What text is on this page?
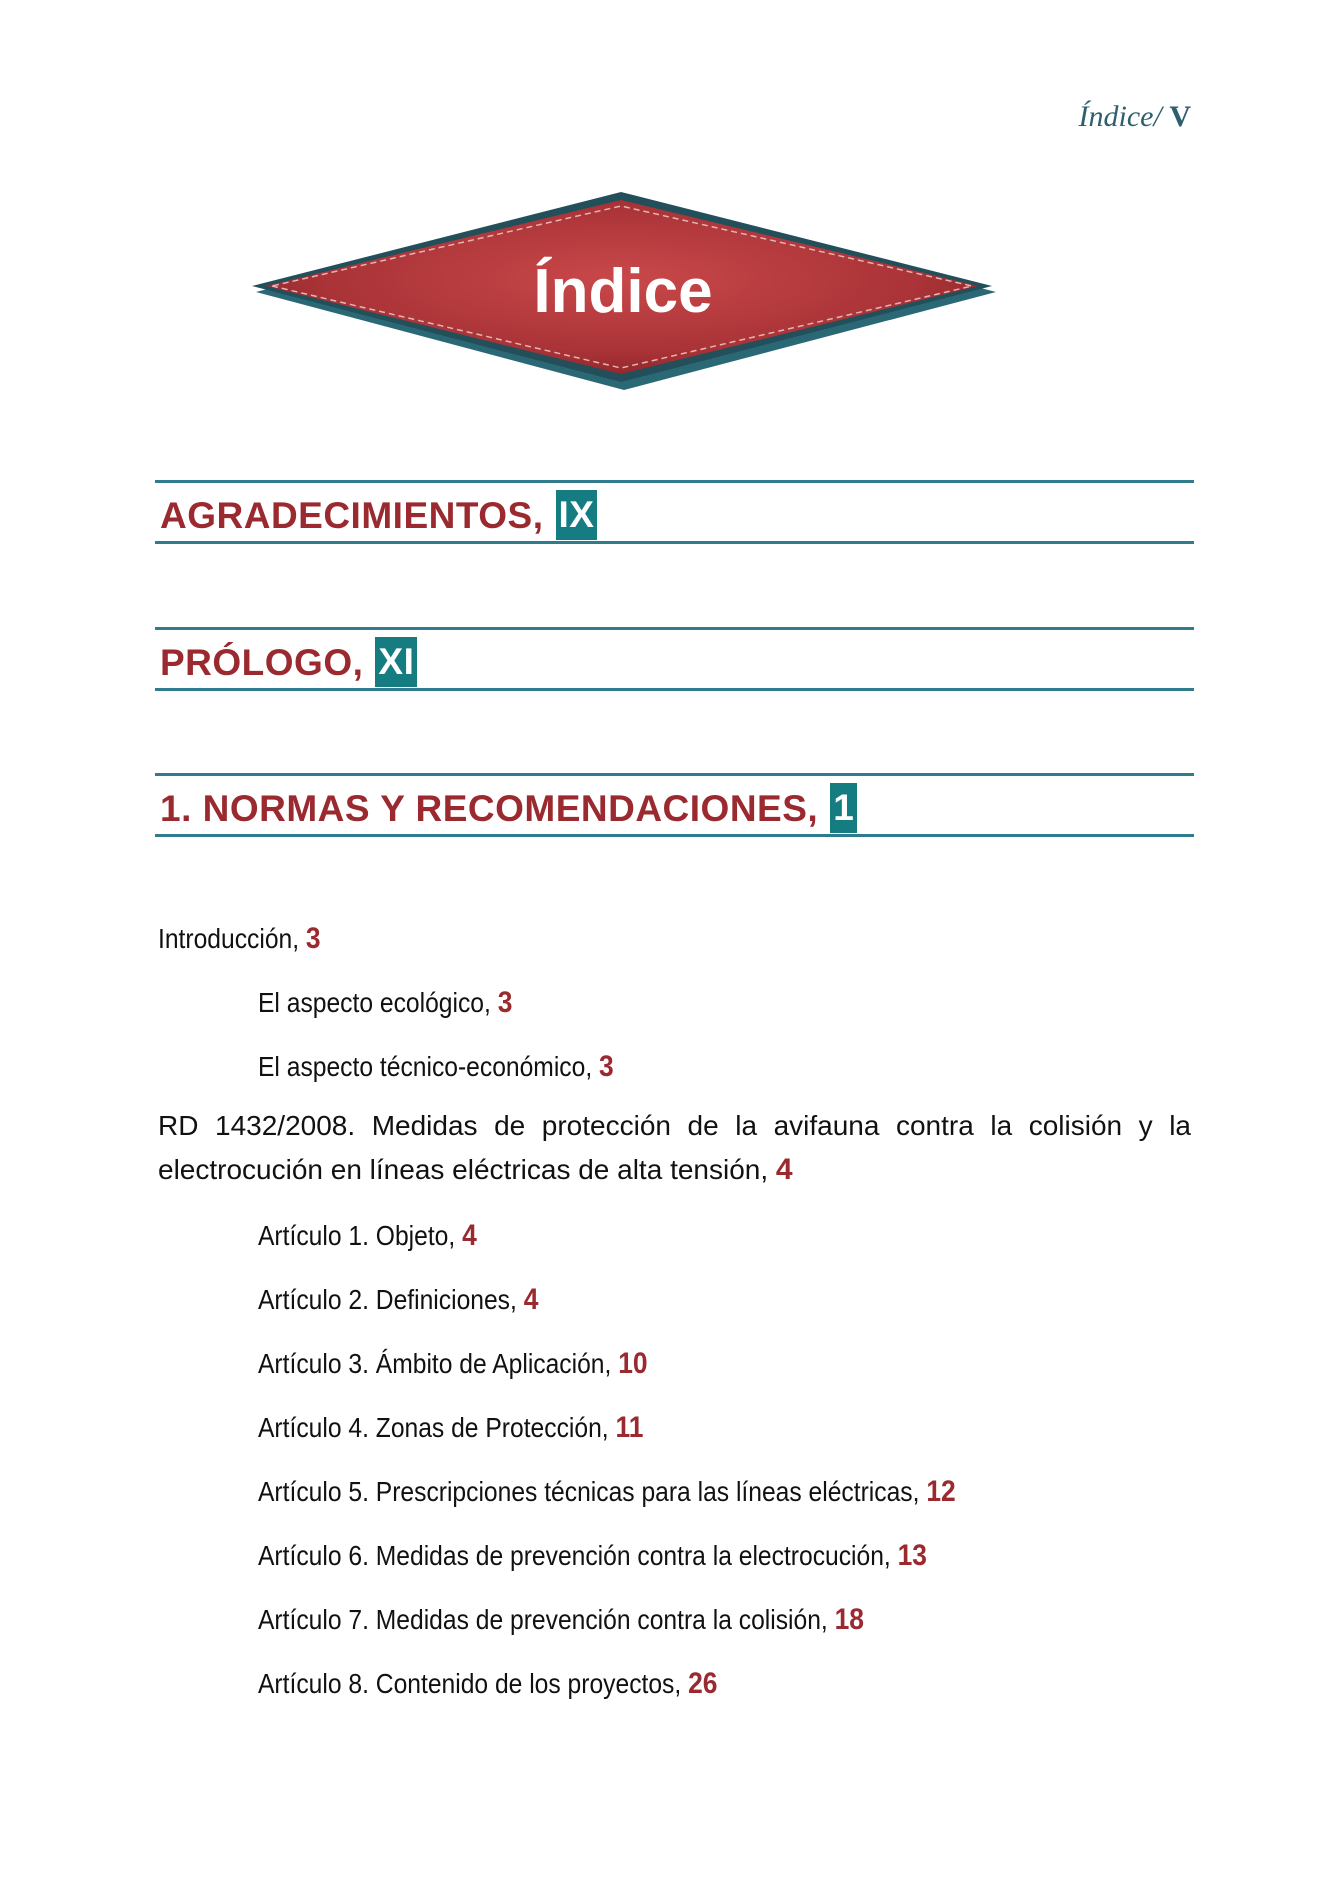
Índice/ V
Índice
AGRADECIMIENTOS, IX
PRÓLOGO, XI
1. NORMAS Y RECOMENDACIONES, 1
Introducción, 3
El aspecto ecológico, 3
El aspecto técnico-económico, 3
RD 1432/2008. Medidas de protección de la avifauna contra la colisión y la electrocución en líneas eléctricas de alta tensión, 4
Artículo 1. Objeto, 4
Artículo 2. Definiciones, 4
Artículo 3. Ámbito de Aplicación, 10
Artículo 4. Zonas de Protección, 11
Artículo 5. Prescripciones técnicas para las líneas eléctricas, 12
Artículo 6. Medidas de prevención contra la electrocución, 13
Artículo 7. Medidas de prevención contra la colisión, 18
Artículo 8. Contenido de los proyectos, 26
